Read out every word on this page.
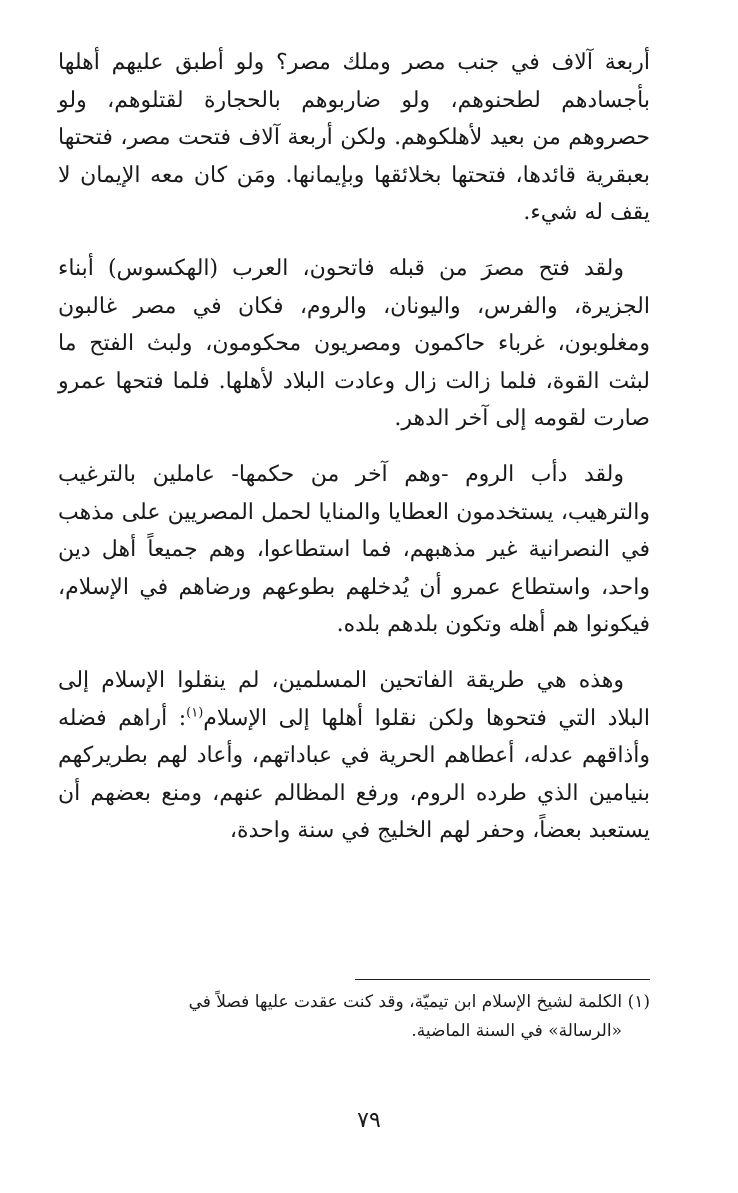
أربعة آلاف في جنب مصر وملك مصر؟ ولو أطبق عليهم أهلها بأجسادهم لطحنوهم، ولو ضاربوهم بالحجارة لقتلوهم، ولو حصروهم من بعيد لأهلكوهم. ولكن أربعة آلاف فتحت مصر، فتحتها بعبقرية قائدها، فتحتها بخلائقها وبإيمانها. ومَن كان معه الإيمان لا يقف له شيء.

ولقد فتح مصرَ من قبله فاتحون، العرب (الهكسوس) أبناء الجزيرة، والفرس، واليونان، والروم، فكان في مصر غالبون ومغلوبون، غرباء حاكمون ومصريون محكومون، ولبث الفتح ما لبثت القوة، فلما زالت زال وعادت البلاد لأهلها. فلما فتحها عمرو صارت لقومه إلى آخر الدهر.

ولقد دأب الروم -وهم آخر من حكمها- عاملين بالترغيب والترهيب، يستخدمون العطايا والمنايا لحمل المصريين على مذهب في النصرانية غير مذهبهم، فما استطاعوا، وهم جميعاً أهل دين واحد، واستطاع عمرو أن يُدخلهم بطوعهم ورضاهم في الإسلام، فيكونوا هم أهله وتكون بلدهم بلده.

وهذه هي طريقة الفاتحين المسلمين، لم ينقلوا الإسلام إلى البلاد التي فتحوها ولكن نقلوا أهلها إلى الإسلام$^{(١)}$: أراهم فضله وأذاقهم عدله، أعطاهم الحرية في عباداتهم، وأعاد لهم بطريركهم بنيامين الذي طرده الروم، ورفع المظالم عنهم، ومنع بعضهم أن يستعبد بعضاً، وحفر لهم الخليج في سنة واحدة،

(١) الكلمة لشيخ الإسلام ابن تيميّة، وقد كنت عقدت عليها فصلاً في
«الرسالة» في السنة الماضية.
٧٩
